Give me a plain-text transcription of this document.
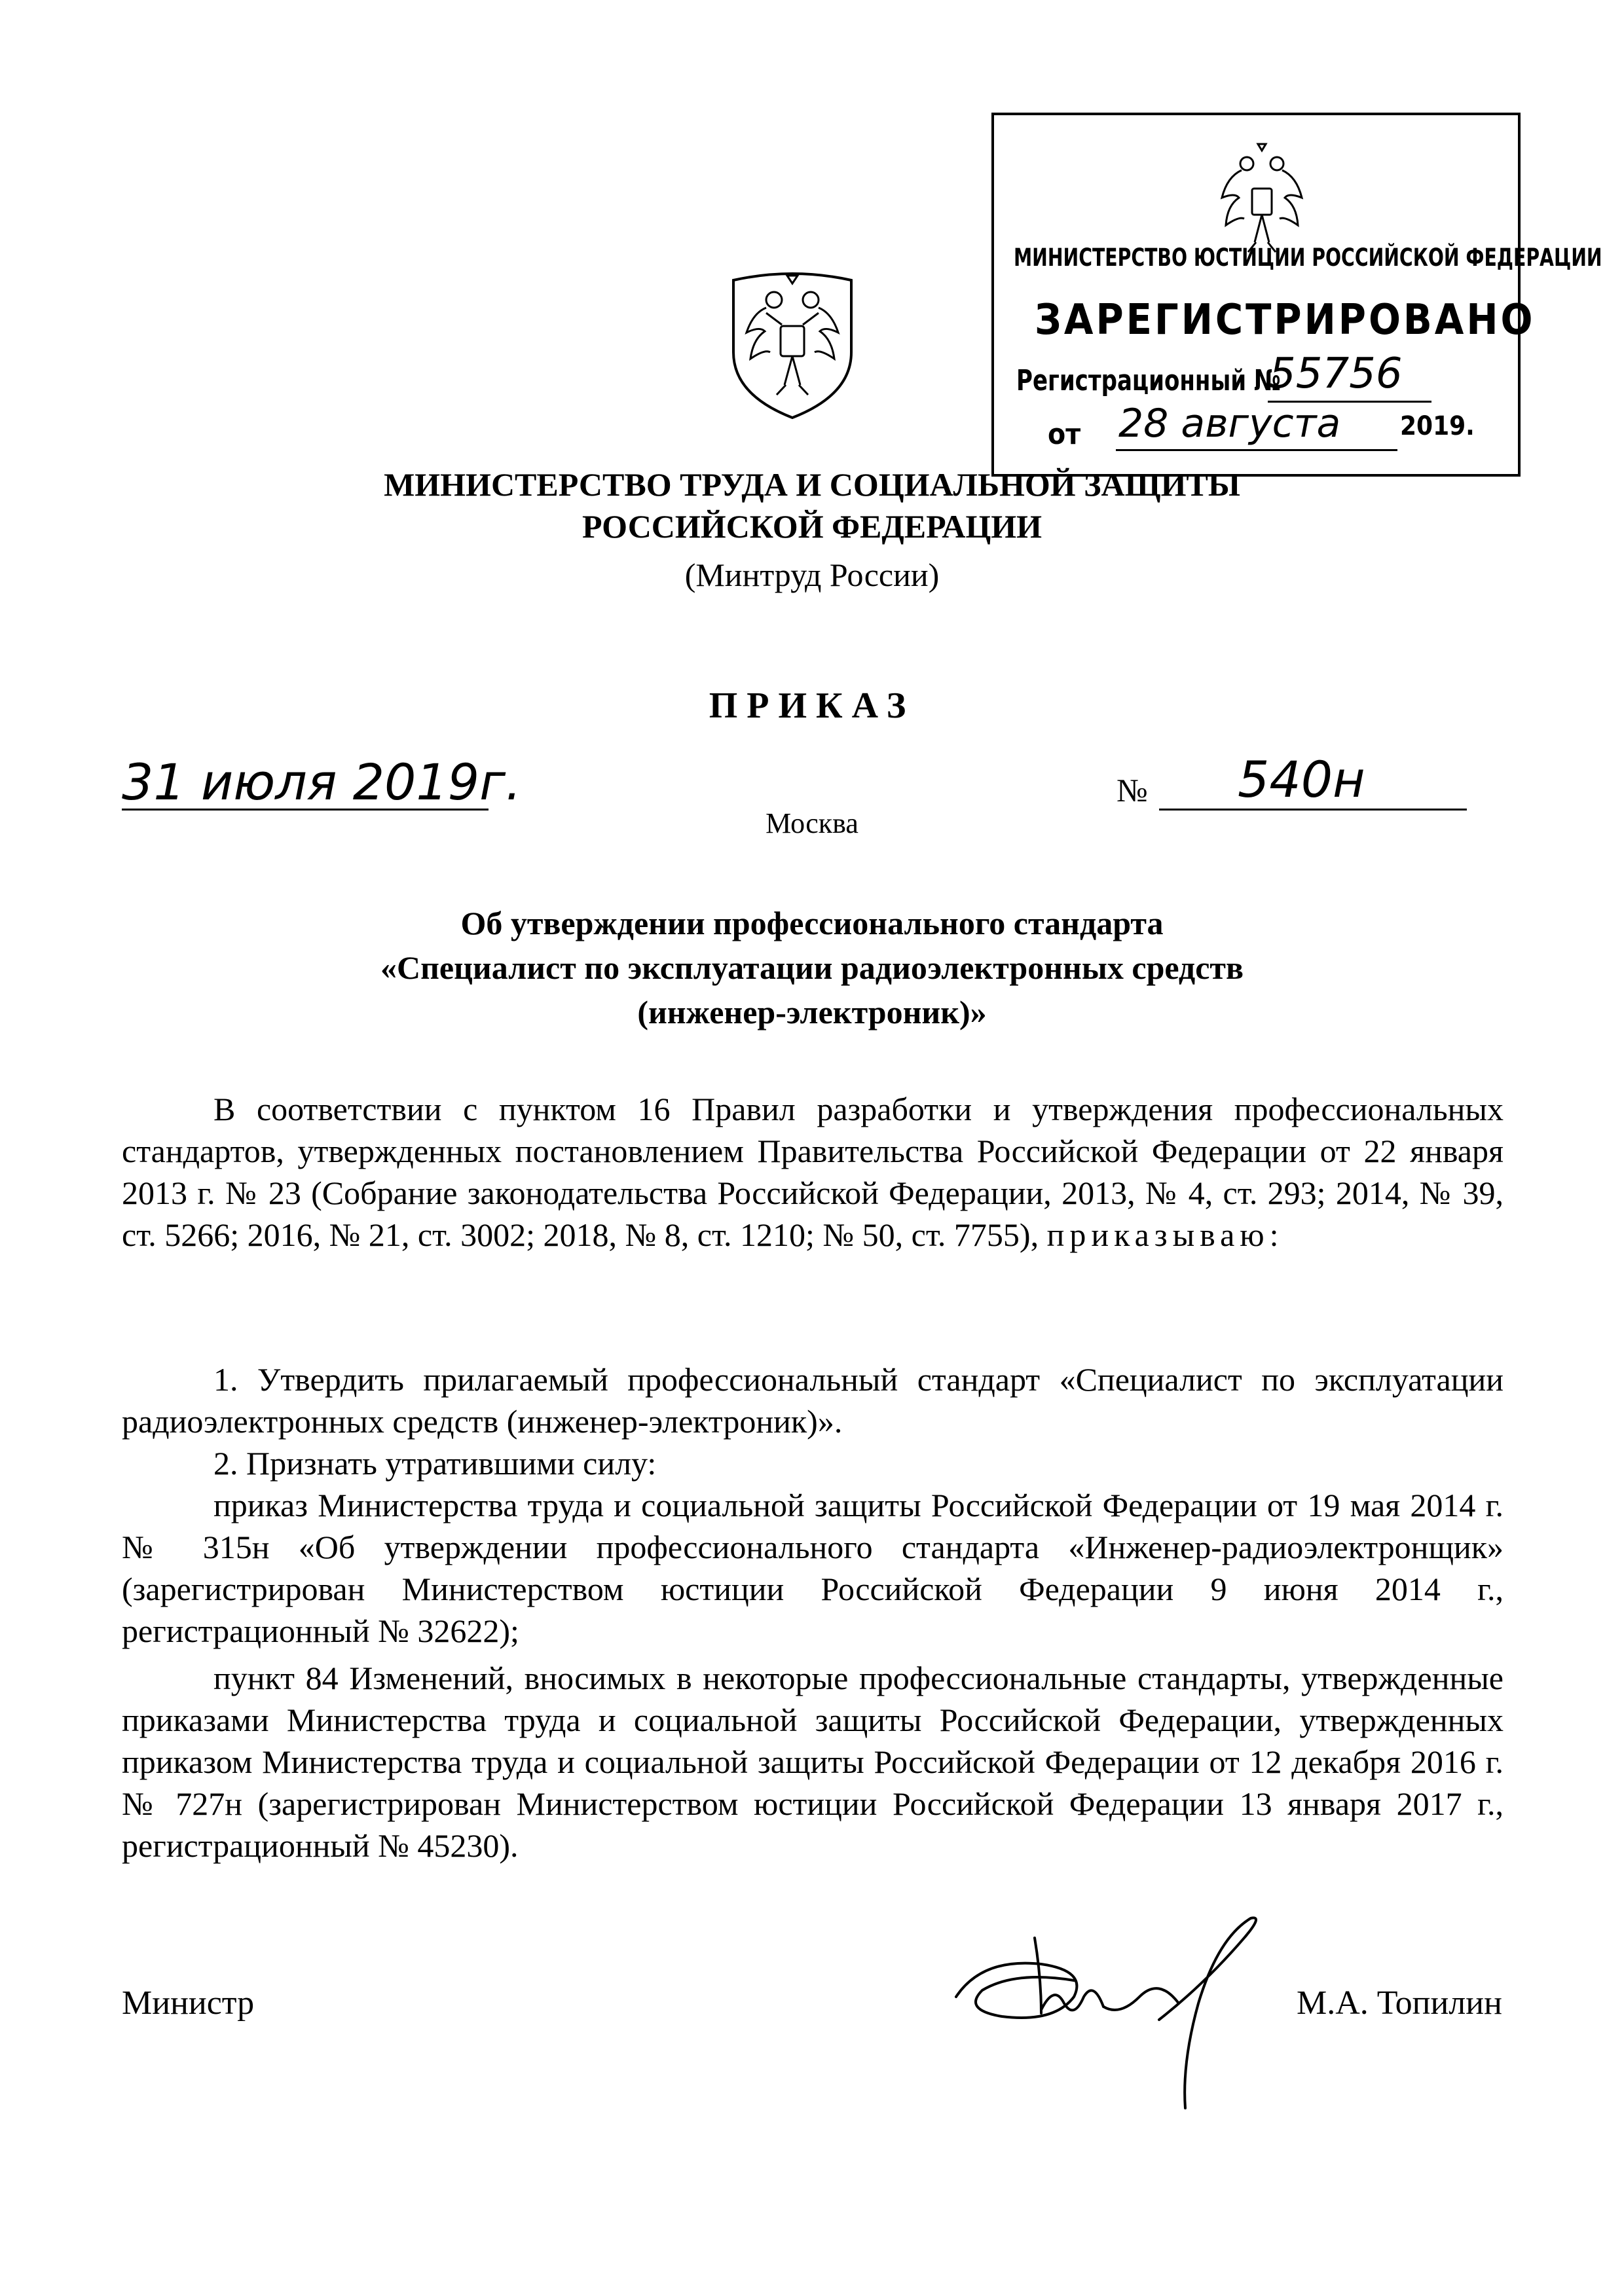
МИНИСТЕРСТВО ЮСТИЦИИ РОССИЙСКОЙ ФЕДЕРАЦИИ
ЗАРЕГИСТРИРОВАНО
Регистрационный №
55756
от 28 августа 2019.
МИНИСТЕРСТВО ТРУДА И СОЦИАЛЬНОЙ ЗАЩИТЫ
РОССИЙСКОЙ ФЕДЕРАЦИИ
(Минтруд России)
ПРИКАЗ
31 июля 2019г.	№ 540н
Москва
Об утверждении профессионального стандарта
«Специалист по эксплуатации радиоэлектронных средств
(инженер-электроник)»
В соответствии с пунктом 16 Правил разработки и утверждения профессиональных стандартов, утвержденных постановлением Правительства Российской Федерации от 22 января 2013 г. № 23 (Собрание законодательства Российской Федерации, 2013, № 4, ст. 293; 2014, № 39, ст. 5266; 2016, № 21, ст. 3002; 2018, № 8, ст. 1210; № 50, ст. 7755), приказываю:
1. Утвердить прилагаемый профессиональный стандарт «Специалист по эксплуатации радиоэлектронных средств (инженер-электроник)».
2. Признать утратившими силу:
приказ Министерства труда и социальной защиты Российской Федерации от 19 мая 2014 г. № 315н «Об утверждении профессионального стандарта «Инженер-радиоэлектронщик» (зарегистрирован Министерством юстиции Российской Федерации 9 июня 2014 г., регистрационный № 32622);
пункт 84 Изменений, вносимых в некоторые профессиональные стандарты, утвержденные приказами Министерства труда и социальной защиты Российской Федерации, утвержденных приказом Министерства труда и социальной защиты Российской Федерации от 12 декабря 2016 г. № 727н (зарегистрирован Министерством юстиции Российской Федерации 13 января 2017 г., регистрационный № 45230).
Министр	М.А. Топилин
